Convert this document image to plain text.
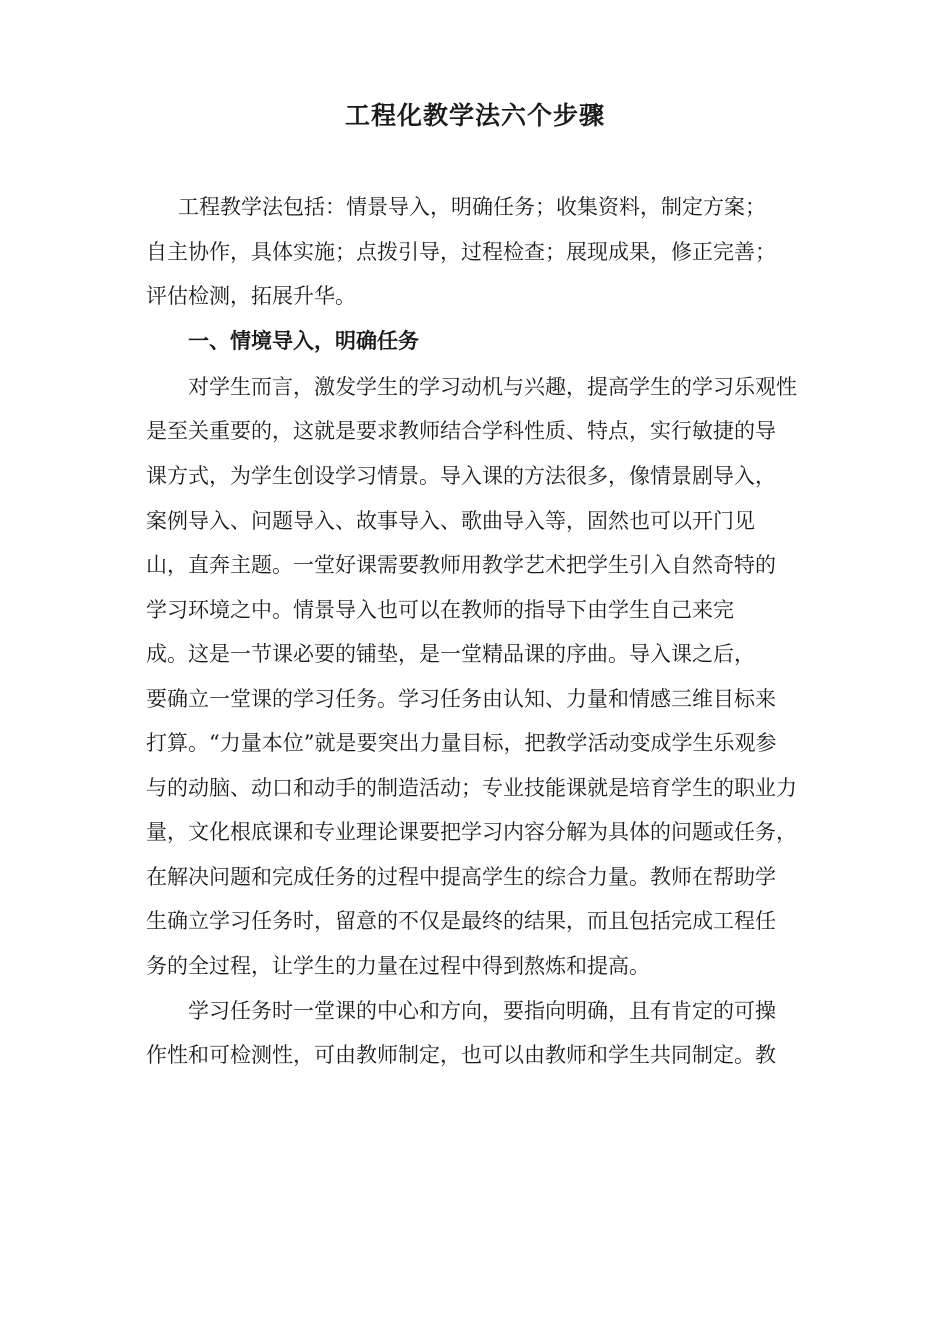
工程化教学法六个步骤

工程教学法包括：情景导入，明确任务；收集资料，制定方案；

自主协作，具体实施；点拨引导，过程检查；展现成果，修正完善；

评估检测，拓展升华。

一、情境导入，明确任务

对学生而言，激发学生的学习动机与兴趣，提高学生的学习乐观性

是至关重要的，这就是要求教师结合学科性质、特点，实行敏捷的导

课方式，为学生创设学习情景。导入课的方法很多，像情景剧导入，

案例导入、问题导入、故事导入、歌曲导入等，固然也可以开门见

山，直奔主题。一堂好课需要教师用教学艺术把学生引入自然奇特的

学习环境之中。情景导入也可以在教师的指导下由学生自己来完

成。这是一节课必要的铺垫，是一堂精品课的序曲。导入课之后，

要确立一堂课的学习任务。学习任务由认知、力量和情感三维目标来

打算。“力量本位”就是要突出力量目标，把教学活动变成学生乐观参

与的动脑、动口和动手的制造活动；专业技能课就是培育学生的职业力

量，文化根底课和专业理论课要把学习内容分解为具体的问题或任务，

在解决问题和完成任务的过程中提高学生的综合力量。教师在帮助学

生确立学习任务时，留意的不仅是最终的结果，而且包括完成工程任

务的全过程，让学生的力量在过程中得到熬炼和提高。

学习任务时一堂课的中心和方向，要指向明确，且有肯定的可操

作性和可检测性，可由教师制定，也可以由教师和学生共同制定。教
